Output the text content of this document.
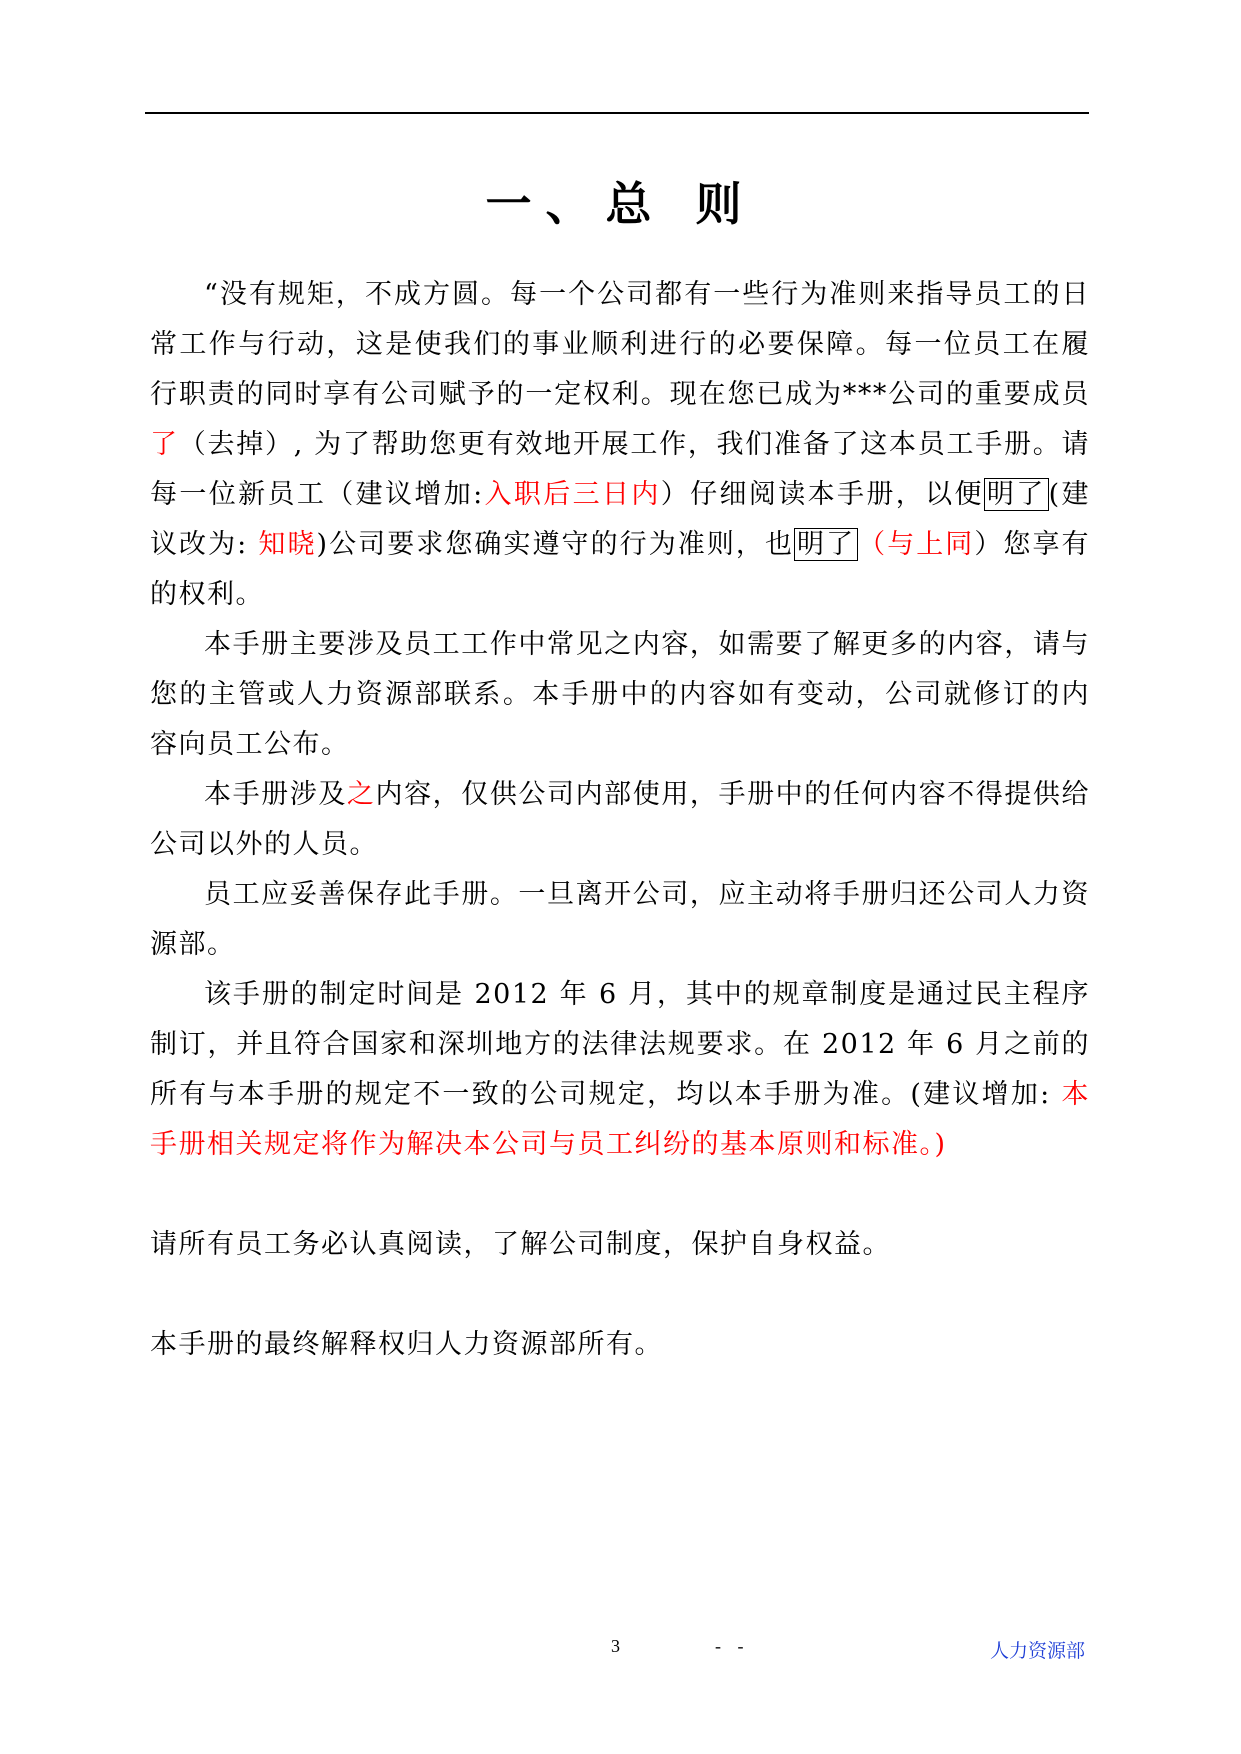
一、总 则

“没有规矩，不成方圆。每一个公司都有一些行为准则来指导员工的日常工作与行动，这是使我们的事业顺利进行的必要保障。每一位员工在履行职责的同时享有公司赋予的一定权利。现在您已成为***公司的重要成员了（去掉）, 为了帮助您更有效地开展工作，我们准备了这本员工手册。请每一位新员工（建议增加:入职后三日内）仔细阅读本手册，以便 明了 (建议改为: 知晓)公司要求您确实遵守的行为准则，也 明了 （与上同）您享有的权利。

本手册主要涉及员工工作中常见之内容，如需要了解更多的内容，请与您的主管或人力资源部联系。本手册中的内容如有变动，公司就修订的内容向员工公布。

本手册涉及之内容，仅供公司内部使用，手册中的任何内容不得提供给公司以外的人员。

员工应妥善保存此手册。一旦离开公司，应主动将手册归还公司人力资源部。

该手册的制定时间是 2012 年 6 月，其中的规章制度是通过民主程序制订，并且符合国家和深圳地方的法律法规要求。在 2012 年 6 月之前的所有与本手册的规定不一致的公司规定，均以本手册为准。(建议增加: 本手册相关规定将作为解决本公司与员工纠纷的基本原则和标准。)

请所有员工务必认真阅读，了解公司制度，保护自身权益。

本手册的最终解释权归人力资源部所有。

3	- -	人力资源部
